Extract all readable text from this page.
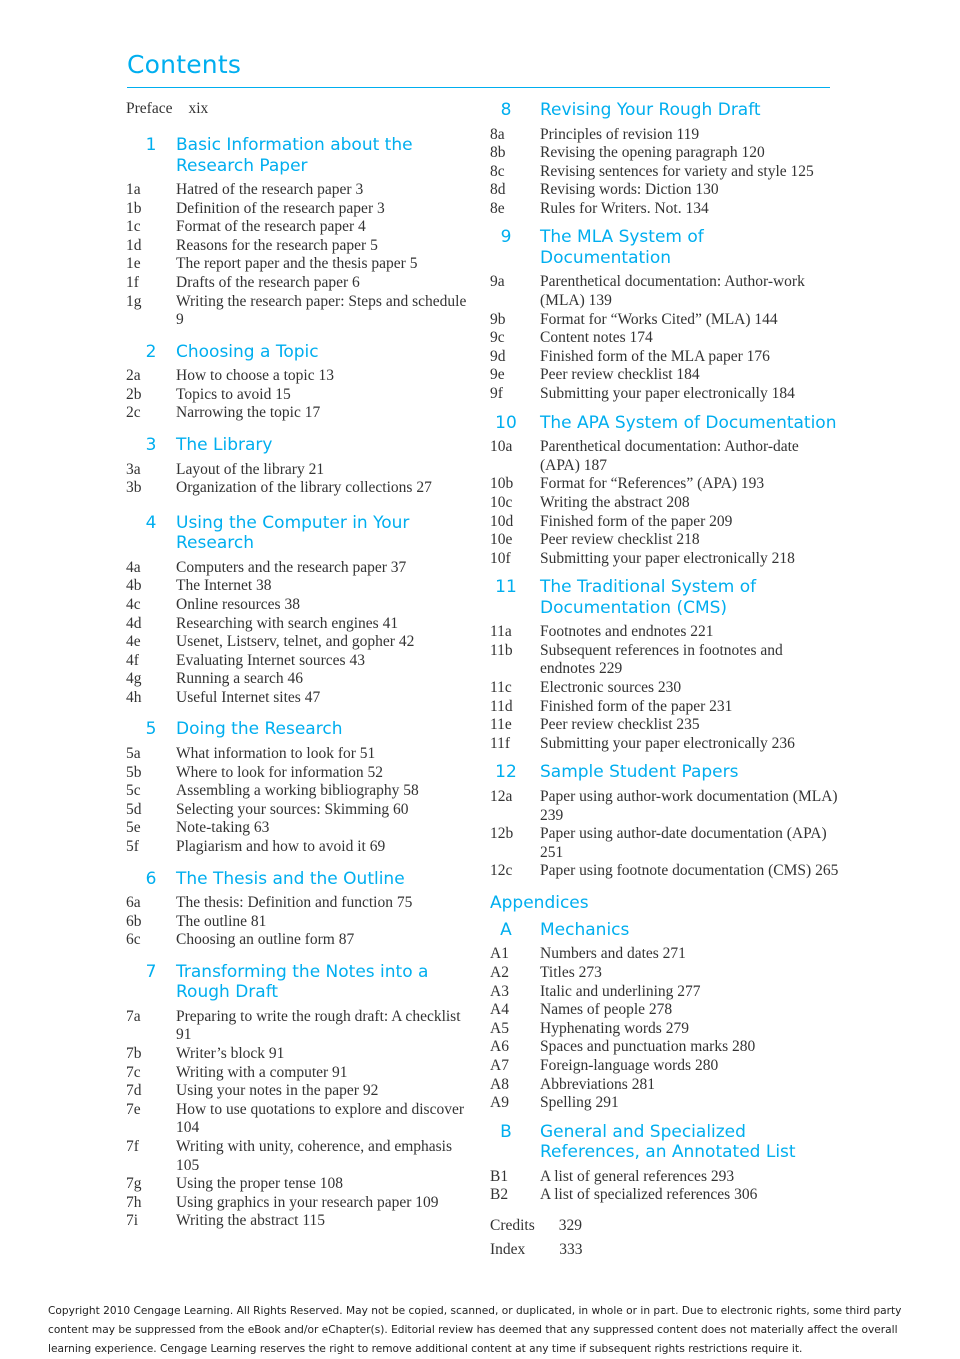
Contents
Preface xix
1	Basic Information about the Research Paper
1a	Hatred of the research paper 3
1b	Definition of the research paper 3
1c	Format of the research paper 4
1d	Reasons for the research paper 5
1e	The report paper and the thesis paper 5
1f	Drafts of the research paper 6
1g	Writing the research paper: Steps and schedule 9
2	Choosing a Topic
2a	How to choose a topic 13
2b	Topics to avoid 15
2c	Narrowing the topic 17
3	The Library
3a	Layout of the library 21
3b	Organization of the library collections 27
4	Using the Computer in Your Research
4a	Computers and the research paper 37
4b	The Internet 38
4c	Online resources 38
4d	Researching with search engines 41
4e	Usenet, Listserv, telnet, and gopher 42
4f	Evaluating Internet sources 43
4g	Running a search 46
4h	Useful Internet sites 47
5	Doing the Research
5a	What information to look for 51
5b	Where to look for information 52
5c	Assembling a working bibliography 58
5d	Selecting your sources: Skimming 60
5e	Note-taking 63
5f	Plagiarism and how to avoid it 69
6	The Thesis and the Outline
6a	The thesis: Definition and function 75
6b	The outline 81
6c	Choosing an outline form 87
7	Transforming the Notes into a Rough Draft
7a	Preparing to write the rough draft: A checklist 91
7b	Writer’s block 91
7c	Writing with a computer 91
7d	Using your notes in the paper 92
7e	How to use quotations to explore and discover 104
7f	Writing with unity, coherence, and emphasis 105
7g	Using the proper tense 108
7h	Using graphics in your research paper 109
7i	Writing the abstract 115
8	Revising Your Rough Draft
8a	Principles of revision 119
8b	Revising the opening paragraph 120
8c	Revising sentences for variety and style 125
8d	Revising words: Diction 130
8e	Rules for Writers. Not. 134
9	The MLA System of Documentation
9a	Parenthetical documentation: Author-work (MLA) 139
9b	Format for “Works Cited” (MLA) 144
9c	Content notes 174
9d	Finished form of the MLA paper 176
9e	Peer review checklist 184
9f	Submitting your paper electronically 184
10	The APA System of Documentation
10a	Parenthetical documentation: Author-date (APA) 187
10b	Format for “References” (APA) 193
10c	Writing the abstract 208
10d	Finished form of the paper 209
10e	Peer review checklist 218
10f	Submitting your paper electronically 218
11	The Traditional System of Documentation (CMS)
11a	Footnotes and endnotes 221
11b	Subsequent references in footnotes and endnotes 229
11c	Electronic sources 230
11d	Finished form of the paper 231
11e	Peer review checklist 235
11f	Submitting your paper electronically 236
12	Sample Student Papers
12a	Paper using author-work documentation (MLA) 239
12b	Paper using author-date documentation (APA) 251
12c	Paper using footnote documentation (CMS) 265
Appendices
A	Mechanics
A1	Numbers and dates 271
A2	Titles 273
A3	Italic and underlining 277
A4	Names of people 278
A5	Hyphenating words 279
A6	Spaces and punctuation marks 280
A7	Foreign-language words 280
A8	Abbreviations 281
A9	Spelling 291
B	General and Specialized References, an Annotated List
B1	A list of general references 293
B2	A list of specialized references 306
Credits 329
Index 333
Copyright 2010 Cengage Learning. All Rights Reserved. May not be copied, scanned, or duplicated, in whole or in part. Due to electronic rights, some third party content may be suppressed from the eBook and/or eChapter(s). Editorial review has deemed that any suppressed content does not materially affect the overall learning experience. Cengage Learning reserves the right to remove additional content at any time if subsequent rights restrictions require it.
